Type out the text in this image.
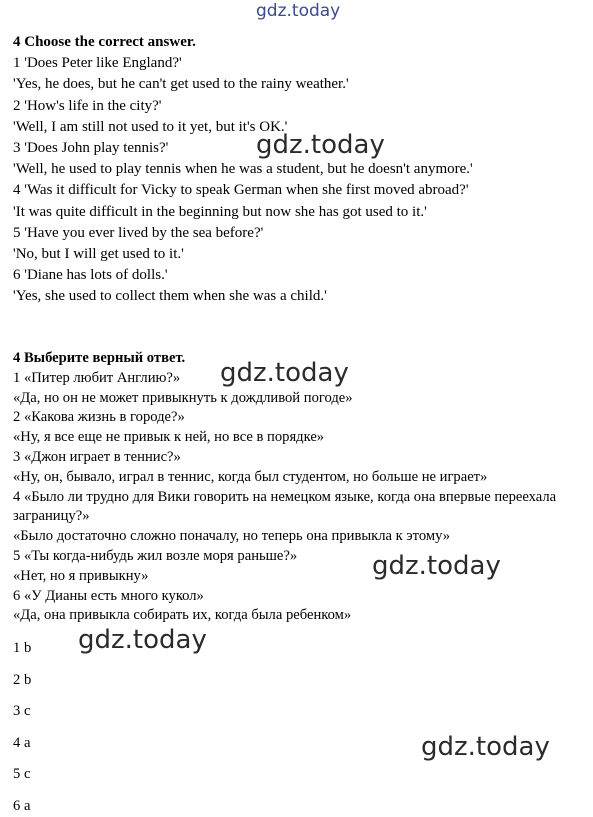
gdz.today
4 Choose the correct answer.
1 'Does Peter like England?'
'Yes, he does, but he can't get used to the rainy weather.'
2 'How's life in the city?'
'Well, I am still not used to it yet, but it's OK.'
3 'Does John play tennis?'
'Well, he used to play tennis when he was a student, but he doesn't anymore.'
4 'Was it difficult for Vicky to speak German when she first moved abroad?'
'It was quite difficult in the beginning but now she has got used to it.'
5 'Have you ever lived by the sea before?'
'No, but I will get used to it.'
6 'Diane has lots of dolls.'
'Yes, she used to collect them when she was a child.'
4 Выберите верный ответ.
1 «Питер любит Англию?»
«Да, но он не может привыкнуть к дождливой погоде»
2 «Какова жизнь в городе?»
«Ну, я все еще не привык к ней, но все в порядке»
3 «Джон играет в теннис?»
«Ну, он, бывало, играл в теннис, когда был студентом, но больше не играет»
4 «Было ли трудно для Вики говорить на немецком языке, когда она впервые переехала заграницу?»
«Было достаточно сложно поначалу, но теперь она привыкла к этому»
5 «Ты когда-нибудь жил возле моря раньше?»
«Нет, но я привыкну»
6 «У Дианы есть много кукол»
«Да, она привыкла собирать их, когда была ребенком»
1 b
2 b
3 c
4 a
5 c
6 a
gdz.today
gdz.today
gdz.today
gdz.today
gdz.today
